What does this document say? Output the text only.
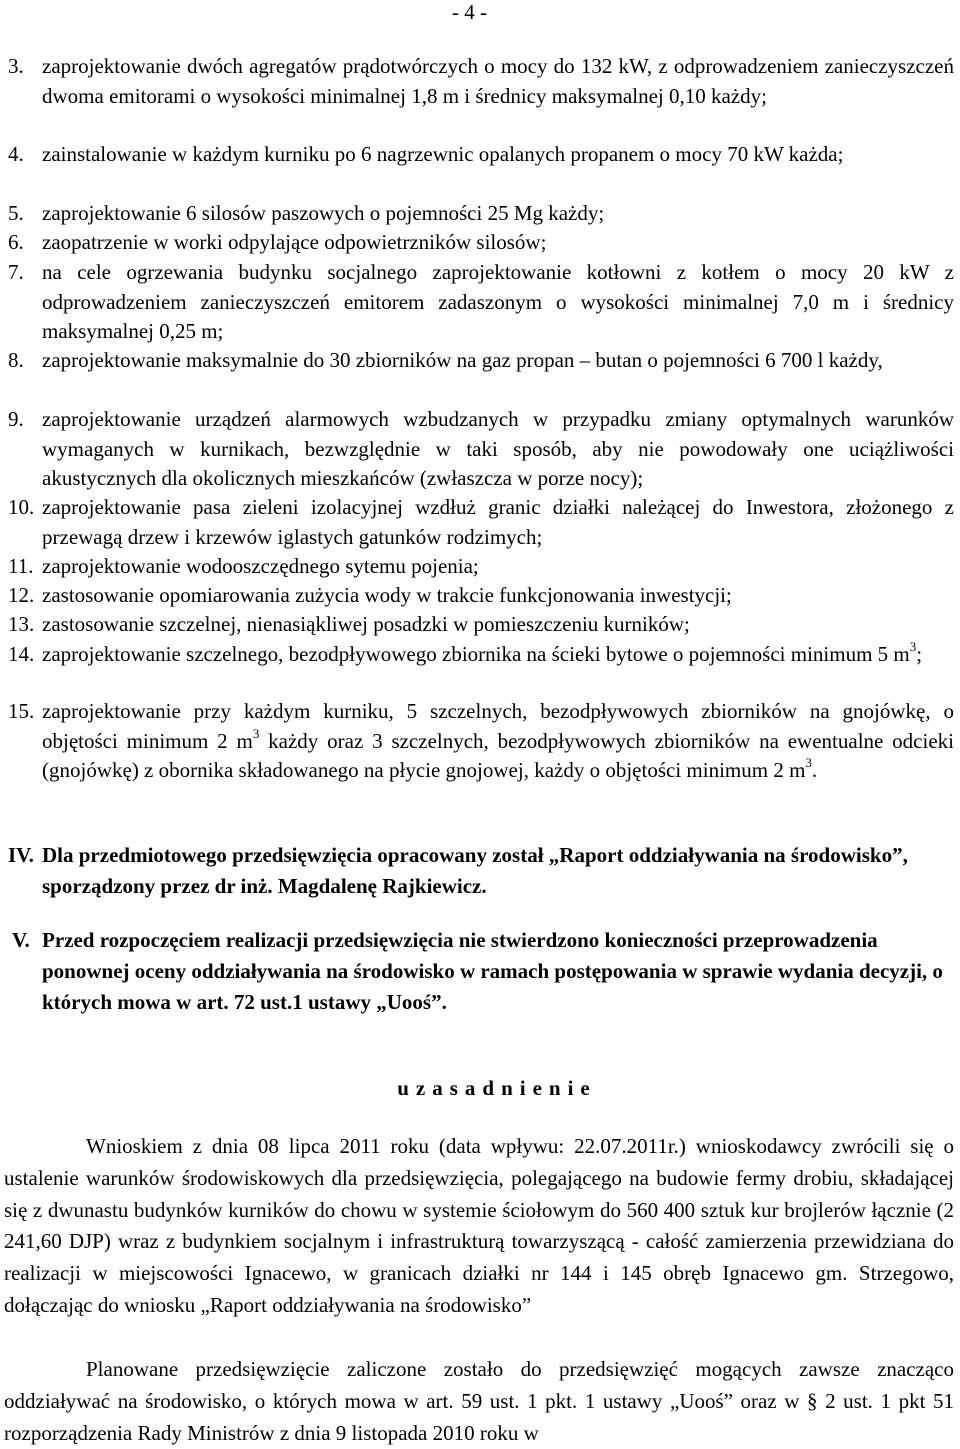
- 4 -
3. zaprojektowanie dwóch agregatów prądotwórczych o mocy do 132 kW, z odprowadzeniem zanieczyszczeń dwoma emitorami o wysokości minimalnej 1,8 m i średnicy maksymalnej 0,10 każdy;
4. zainstalowanie w każdym kurniku po 6 nagrzewnic opalanych propanem o mocy 70 kW każda;
5. zaprojektowanie 6 silosów paszowych o pojemności 25 Mg każdy;
6. zaopatrzenie w worki odpylające odpowietrzników silosów;
7. na cele ogrzewania budynku socjalnego zaprojektowanie kotłowni z kotłem o mocy 20 kW z odprowadzeniem zanieczyszczeń emitorem zadaszonym o wysokości minimalnej 7,0 m i średnicy maksymalnej 0,25 m;
8. zaprojektowanie maksymalnie do 30 zbiorników na gaz propan – butan o pojemności 6 700 l każdy,
9. zaprojektowanie urządzeń alarmowych wzbudzanych w przypadku zmiany optymalnych warunków wymaganych w kurnikach, bezwzględnie w taki sposób, aby nie powodowały one uciążliwości akustycznych dla okolicznych mieszkańców (zwłaszcza w porze nocy);
10. zaprojektowanie pasa zieleni izolacyjnej wzdłuż granic działki należącej do Inwestora, złożonego z przewagą drzew i krzewów iglastych gatunków rodzimych;
11. zaprojektowanie wodooszczędnego sytemu pojenia;
12. zastosowanie opomiarowania zużycia wody w trakcie funkcjonowania inwestycji;
13. zastosowanie szczelnej, nienasiąkliwej posadzki w pomieszczeniu kurników;
14. zaprojektowanie szczelnego, bezodpływowego zbiornika na ścieki bytowe o pojemności minimum 5 $m^3$;
15. zaprojektowanie przy każdym kurniku, 5 szczelnych, bezodpływowych zbiorników na gnojówkę, o objętości minimum 2 $m^3$ każdy oraz 3 szczelnych, bezodpływowych zbiorników na ewentualne odcieki (gnojówkę) z obornika składowanego na płycie gnojowej, każdy o objętości minimum 2 $m^3$.
IV. Dla przedmiotowego przedsięwzięcia opracowany został „Raport oddziaływania na środowisko”, sporządzony przez dr inż. Magdalenę Rajkiewicz.
V. Przed rozpoczęciem realizacji przedsięwzięcia nie stwierdzono konieczności przeprowadzenia ponownej oceny oddziaływania na środowisko w ramach postępowania w sprawie wydania decyzji, o których mowa w art. 72 ust.1 ustawy „Uooś”.
uzasadnienie
Wnioskiem z dnia 08 lipca 2011 roku (data wpływu: 22.07.2011r.) wnioskodawcy zwrócili się o ustalenie warunków środowiskowych dla przedsięwzięcia, polegającego na budowie fermy drobiu, składającej się z dwunastu budynków kurników do chowu w systemie ściołowym do 560 400 sztuk kur brojlerów łącznie (2 241,60 DJP) wraz z budynkiem socjalnym i infrastrukturą towarzyszącą - całość zamierzenia przewidziana do realizacji w miejscowości Ignacewo, w granicach działki nr 144 i 145 obręb Ignacewo gm. Strzegowo, dołączając do wniosku „Raport oddziaływania na środowisko”
Planowane przedsięwzięcie zaliczone zostało do przedsięwzięć mogących zawsze znacząco oddziaływać na środowisko, o których mowa w art. 59 ust. 1 pkt. 1 ustawy „Uooś” oraz w § 2 ust. 1 pkt 51 rozporządzenia Rady Ministrów z dnia 9 listopada 2010 roku w
